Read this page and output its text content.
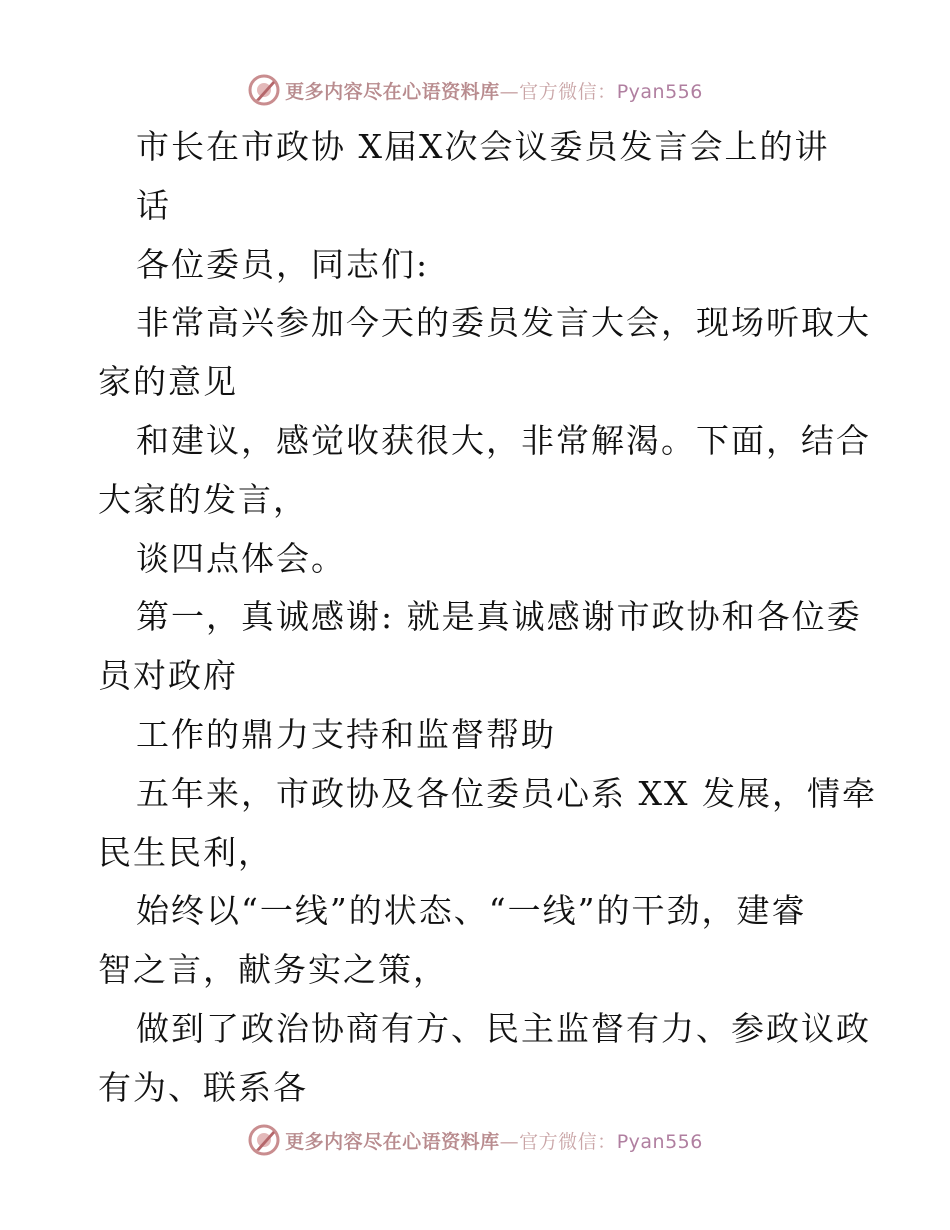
更多内容尽在心语资料库—官方微信：Pyan556
市长在市政协 X届X次会议委员发言会上的讲
话
各位委员，同志们:
非常高兴参加今天的委员发言大会，现场听取大
家的意见
和建议，感觉收获很大，非常解渴。下面，结合
大家的发言，
谈四点体会。
第一，真诚感谢: 就是真诚感谢市政协和各位委
员对政府
工作的鼎力支持和监督帮助
五年来，市政协及各位委员心系 XX 发展，情牵
民生民利，
始终以“一线”的状态、“一线”的干劲，建睿
智之言，献务实之策，
做到了政治协商有方、民主监督有力、参政议政
有为、联系各
更多内容尽在心语资料库—官方微信：Pyan556
